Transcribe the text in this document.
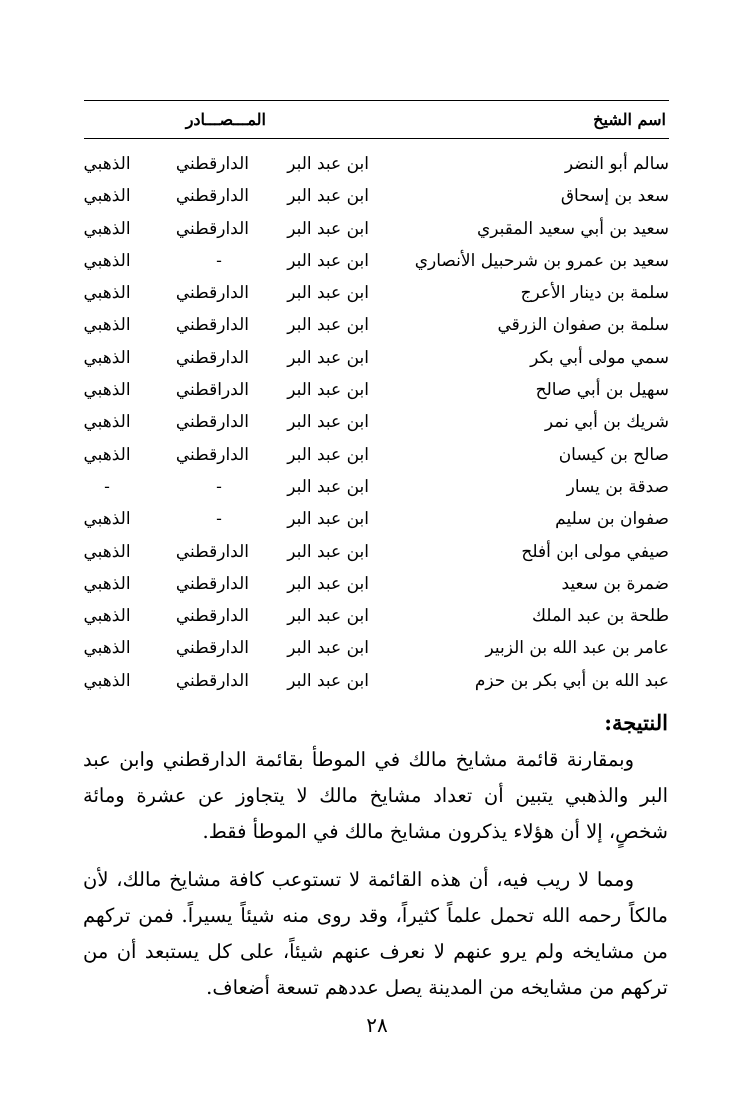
اسم الشيخ
المـــصـــادر
سالم أبو النضر
ابن عبد البر
الدارقطني
الذهبي
سعد بن إسحاق
ابن عبد البر
الدارقطني
الذهبي
سعيد بن أبي سعيد المقبري
ابن عبد البر
الدارقطني
الذهبي
سعيد بن عمرو بن شرحبيل الأنصاري
ابن عبد البر
-
الذهبي
سلمة بن دينار الأعرج
ابن عبد البر
الدارقطني
الذهبي
سلمة بن صفوان الزرقي
ابن عبد البر
الدارقطني
الذهبي
سمي مولى أبي بكر
ابن عبد البر
الدارقطني
الذهبي
سهيل بن أبي صالح
ابن عبد البر
الدراقطني
الذهبي
شريك بن أبي نمر
ابن عبد البر
الدارقطني
الذهبي
صالح بن كيسان
ابن عبد البر
الدارقطني
الذهبي
صدقة بن يسار
ابن عبد البر
-
-
صفوان بن سليم
ابن عبد البر
-
الذهبي
صيفي مولى ابن أفلح
ابن عبد البر
الدارقطني
الذهبي
ضمرة بن سعيد
ابن عبد البر
الدارقطني
الذهبي
طلحة بن عبد الملك
ابن عبد البر
الدارقطني
الذهبي
عامر بن عبد الله بن الزبير
ابن عبد البر
الدارقطني
الذهبي
عبد الله بن أبي بكر بن حزم
ابن عبد البر
الدارقطني
الذهبي
النتيجة:
وبمقارنة قائمة مشايخ مالك في الموطأ بقائمة الدارقطني وابن عبد البر والذهبي يتبين أن تعداد مشايخ مالك لا يتجاوز عن عشرة ومائة شخصٍ، إلا أن هؤلاء يذكرون مشايخ مالك في الموطأ فقط.
ومما لا ريب فيه، أن هذه القائمة لا تستوعب كافة مشايخ مالك، لأن مالكاً رحمه الله تحمل علماً كثيراً، وقد روى منه شيئاً يسيراً. فمن تركهم من مشايخه ولم يرو عنهم لا نعرف عنهم شيئاً، على كل يستبعد أن من تركهم من مشايخه من المدينة يصل عددهم تسعة أضعاف.
٢٨
